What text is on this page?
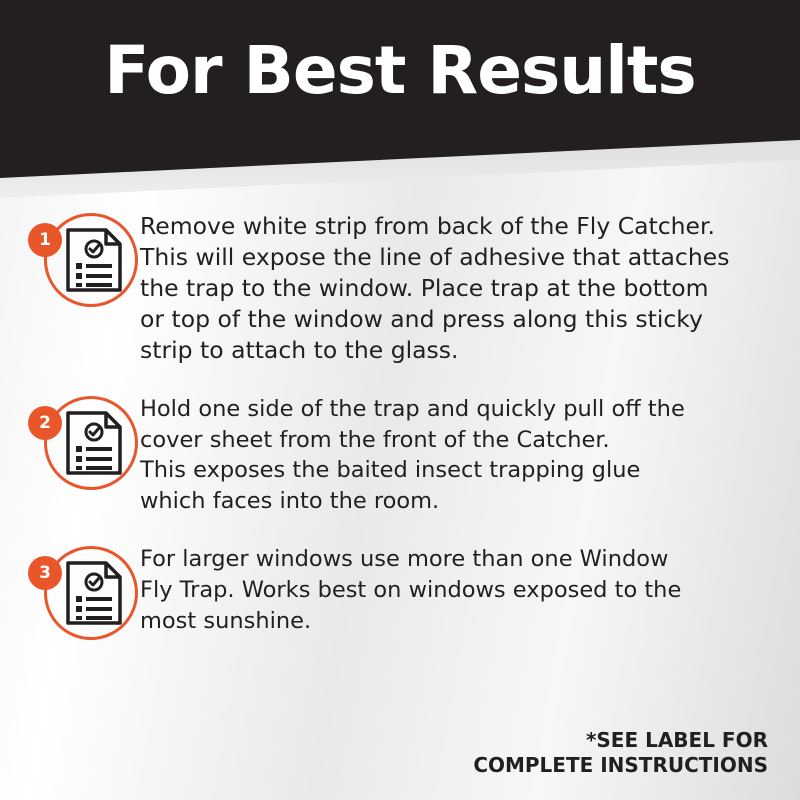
For Best Results
1	Remove white strip from back of the Fly Catcher.

This will expose the line of adhesive that attaches

the trap to the window. Place trap at the bottom

or top of the window and press along this sticky

strip to attach to the glass.

2

Hold one side of the trap and quickly pull off the

cover sheet from the front of the Catcher.

This exposes the baited insect trapping glue

which faces into the room.

3

For larger windows use more than one Window

Fly Trap. Works best on windows exposed to the

most sunshine.

*SEE LABEL FOR
COMPLETE INSTRUCTIONS
